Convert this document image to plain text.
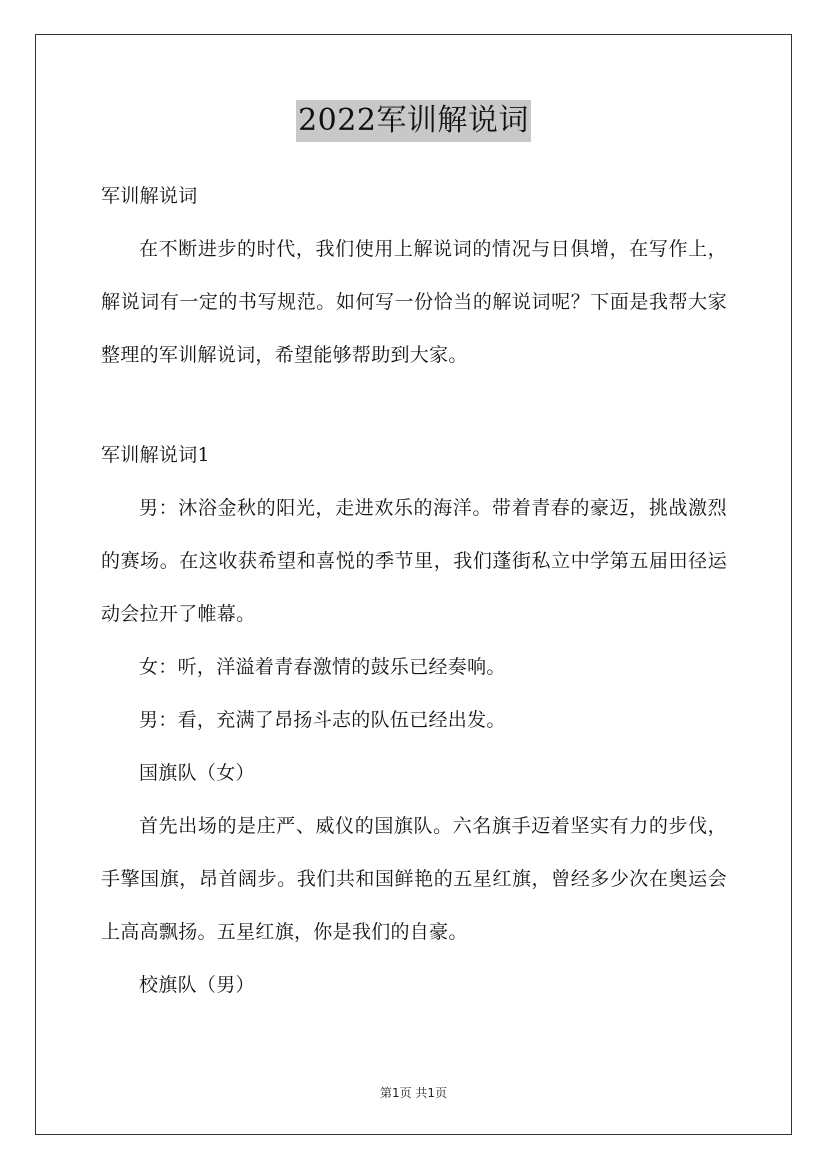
2022军训解说词

军训解说词

在不断进步的时代，我们使用上解说词的情况与日俱增，在写作上，解说词有一定的书写规范。如何写一份恰当的解说词呢？下面是我帮大家整理的军训解说词，希望能够帮助到大家。

军训解说词1

男：沐浴金秋的阳光，走进欢乐的海洋。带着青春的豪迈，挑战激烈的赛场。在这收获希望和喜悦的季节里，我们蓬街私立中学第五届田径运动会拉开了帷幕。

女：听，洋溢着青春激情的鼓乐已经奏响。

男：看，充满了昂扬斗志的队伍已经出发。

国旗队（女）

首先出场的是庄严、威仪的国旗队。六名旗手迈着坚实有力的步伐，手擎国旗，昂首阔步。我们共和国鲜艳的五星红旗，曾经多少次在奥运会上高高飘扬。五星红旗，你是我们的自豪。

校旗队（男）

第1页 共1页
